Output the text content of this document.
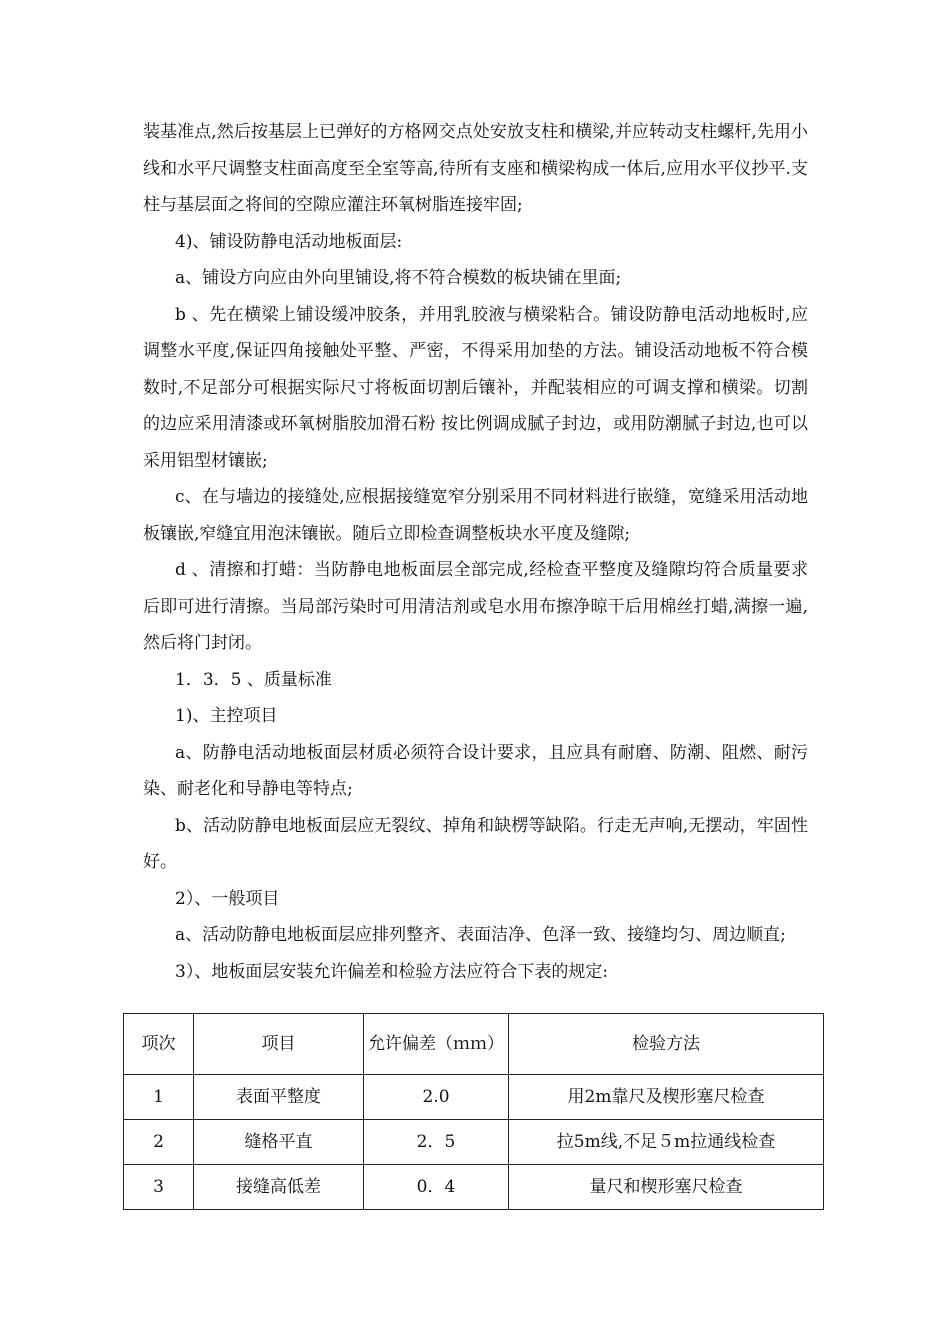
装基准点,然后按基层上已弹好的方格网交点处安放支柱和横梁,并应转动支柱螺杆,先用小线和水平尺调整支柱面高度至全室等高,待所有支座和横梁构成一体后,应用水平仪抄平.支柱与基层面之将间的空隙应灌注环氧树脂连接牢固;

4)、铺设防静电活动地板面层:

a、铺设方向应由外向里铺设,将不符合模数的板块铺在里面;

b 、先在横梁上铺设缓冲胶条，并用乳胶液与横梁粘合。铺设防静电活动地板时,应调整水平度,保证四角接触处平整、严密，不得采用加垫的方法。铺设活动地板不符合模数时,不足部分可根据实际尺寸将板面切割后镶补，并配装相应的可调支撑和横梁。切割的边应采用清漆或环氧树脂胶加滑石粉 按比例调成腻子封边，或用防潮腻子封边,也可以采用铝型材镶嵌;

c、在与墙边的接缝处,应根据接缝宽窄分别采用不同材料进行嵌缝，宽缝采用活动地板镶嵌,窄缝宜用泡沫镶嵌。随后立即检查调整板块水平度及缝隙;

d 、清擦和打蜡：当防静电地板面层全部完成,经检查平整度及缝隙均符合质量要求后即可进行清擦。当局部污染时可用清洁剂或皂水用布擦净晾干后用棉丝打蜡,满擦一遍,然后将门封闭。

1．3．5 、质量标准

1)、主控项目

a、防静电活动地板面层材质必须符合设计要求，且应具有耐磨、防潮、阻燃、耐污染、耐老化和导静电等特点;

b、活动防静电地板面层应无裂纹、掉角和缺楞等缺陷。行走无声响,无摆动，牢固性好。

2）、一般项目

a、活动防静电地板面层应排列整齐、表面洁净、色泽一致、接缝均匀、周边顺直;

3）、地板面层安装允许偏差和检验方法应符合下表的规定:

项次	项目	允许偏差（ｍｍ）	检验方法
1	表面平整度	2.0	用2m靠尺及楔形塞尺检查
2	缝格平直	2．5	拉5m线,不足５m拉通线检查
3	接缝高低差	0．4	量尺和楔形塞尺检查
